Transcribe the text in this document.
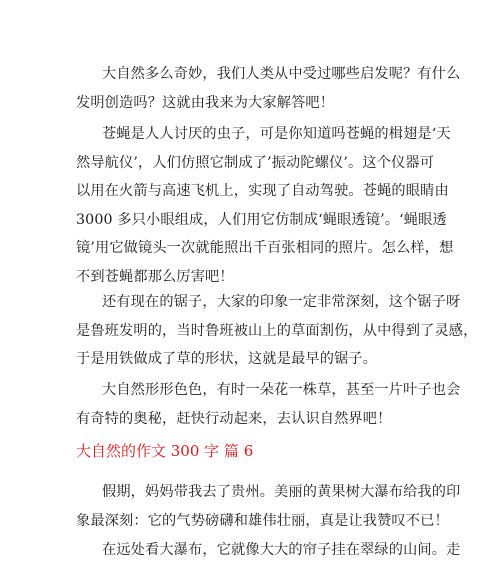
大自然多么奇妙，我们人类从中受过哪些启发呢？有什么
发明创造吗？这就由我来为大家解答吧！

苍蝇是人人讨厌的虫子，可是你知道吗苍蝇的楫翅是‘天
然导航仪’，人们仿照它制成了’振动陀螺仪’。这个仪器可
以用在火箭与高速飞机上，实现了自动驾驶。苍蝇的眼睛由
3000 多只小眼组成，人们用它仿制成‘蝇眼透镜’。‘蝇眼透
镜’用它做镜头一次就能照出千百张相同的照片。怎么样，想
不到苍蝇都那么厉害吧！

还有现在的锯子，大家的印象一定非常深刻，这个锯子呀
是鲁班发明的，当时鲁班被山上的草面割伤，从中得到了灵感，
于是用铁做成了草的形状，这就是最早的锯子。

大自然形形色色，有时一朵花一株草，甚至一片叶子也会
有奇特的奥秘，赶快行动起来，去认识自然界吧！

大自然的作文 300 字 篇 6

假期，妈妈带我去了贵州。美丽的黄果树大瀑布给我的印
象最深刻：它的气势磅礴和雄伟壮丽，真是让我赞叹不已！

在远处看大瀑布，它就像大大的帘子挂在翠绿的山间。走
